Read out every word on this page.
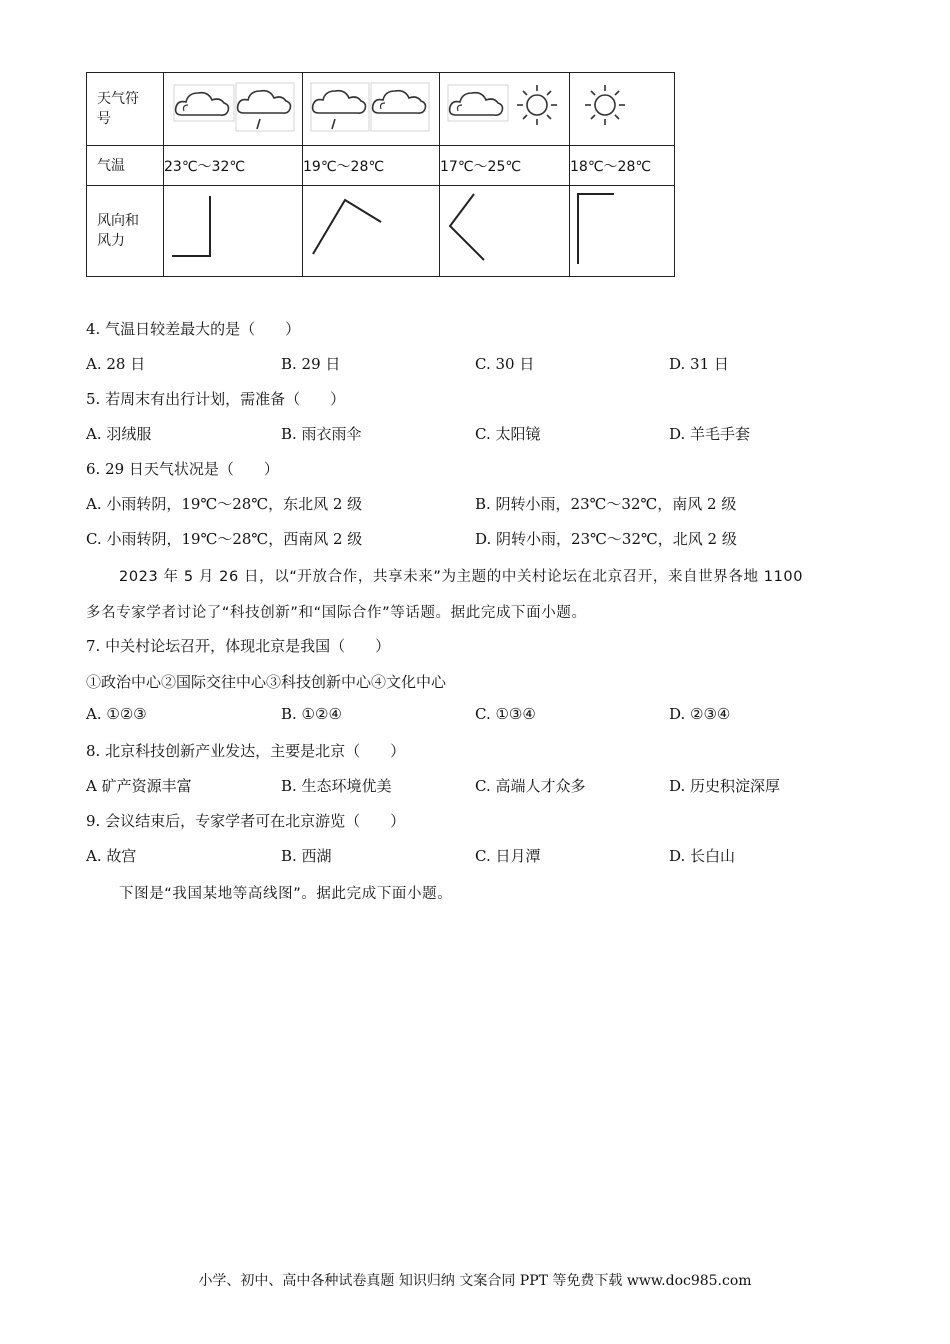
天气符
号	

气温	23℃～32℃	19℃～28℃	17℃～25℃	18℃～28℃
风向和
风力	

4. 气温日较差最大的是（　　）
A. 28 日	B. 29 日	C. 30 日	D. 31 日
5. 若周末有出行计划，需准备（　　）
A. 羽绒服	B. 雨衣雨伞	C. 太阳镜	D. 羊毛手套
6. 29 日天气状况是（　　）
A. 小雨转阴，19℃～28℃，东北风 2 级	B. 阴转小雨，23℃～32℃，南风 2 级
C. 小雨转阴，19℃～28℃，西南风 2 级	D. 阴转小雨，23℃～32℃，北风 2 级
2023 年 5 月 26 日，以“开放合作，共享未来”为主题的中关村论坛在北京召开，来自世界各地 1100
多名专家学者讨论了“科技创新”和“国际合作”等话题。据此完成下面小题。
7. 中关村论坛召开，体现北京是我国（　　）
①政治中心②国际交往中心③科技创新中心④文化中心
A. ①②③	B. ①②④	C. ①③④	D. ②③④
8. 北京科技创新产业发达，主要是北京（　　）
A 矿产资源丰富	B. 生态环境优美	C. 高端人才众多	D. 历史积淀深厚
9. 会议结束后，专家学者可在北京游览（　　）
A. 故宫	B. 西湖	C. 日月潭	D. 长白山
下图是“我国某地等高线图”。据此完成下面小题。
小学、初中、高中各种试卷真题 知识归纳 文案合同 PPT 等免费下载 www.doc985.com
